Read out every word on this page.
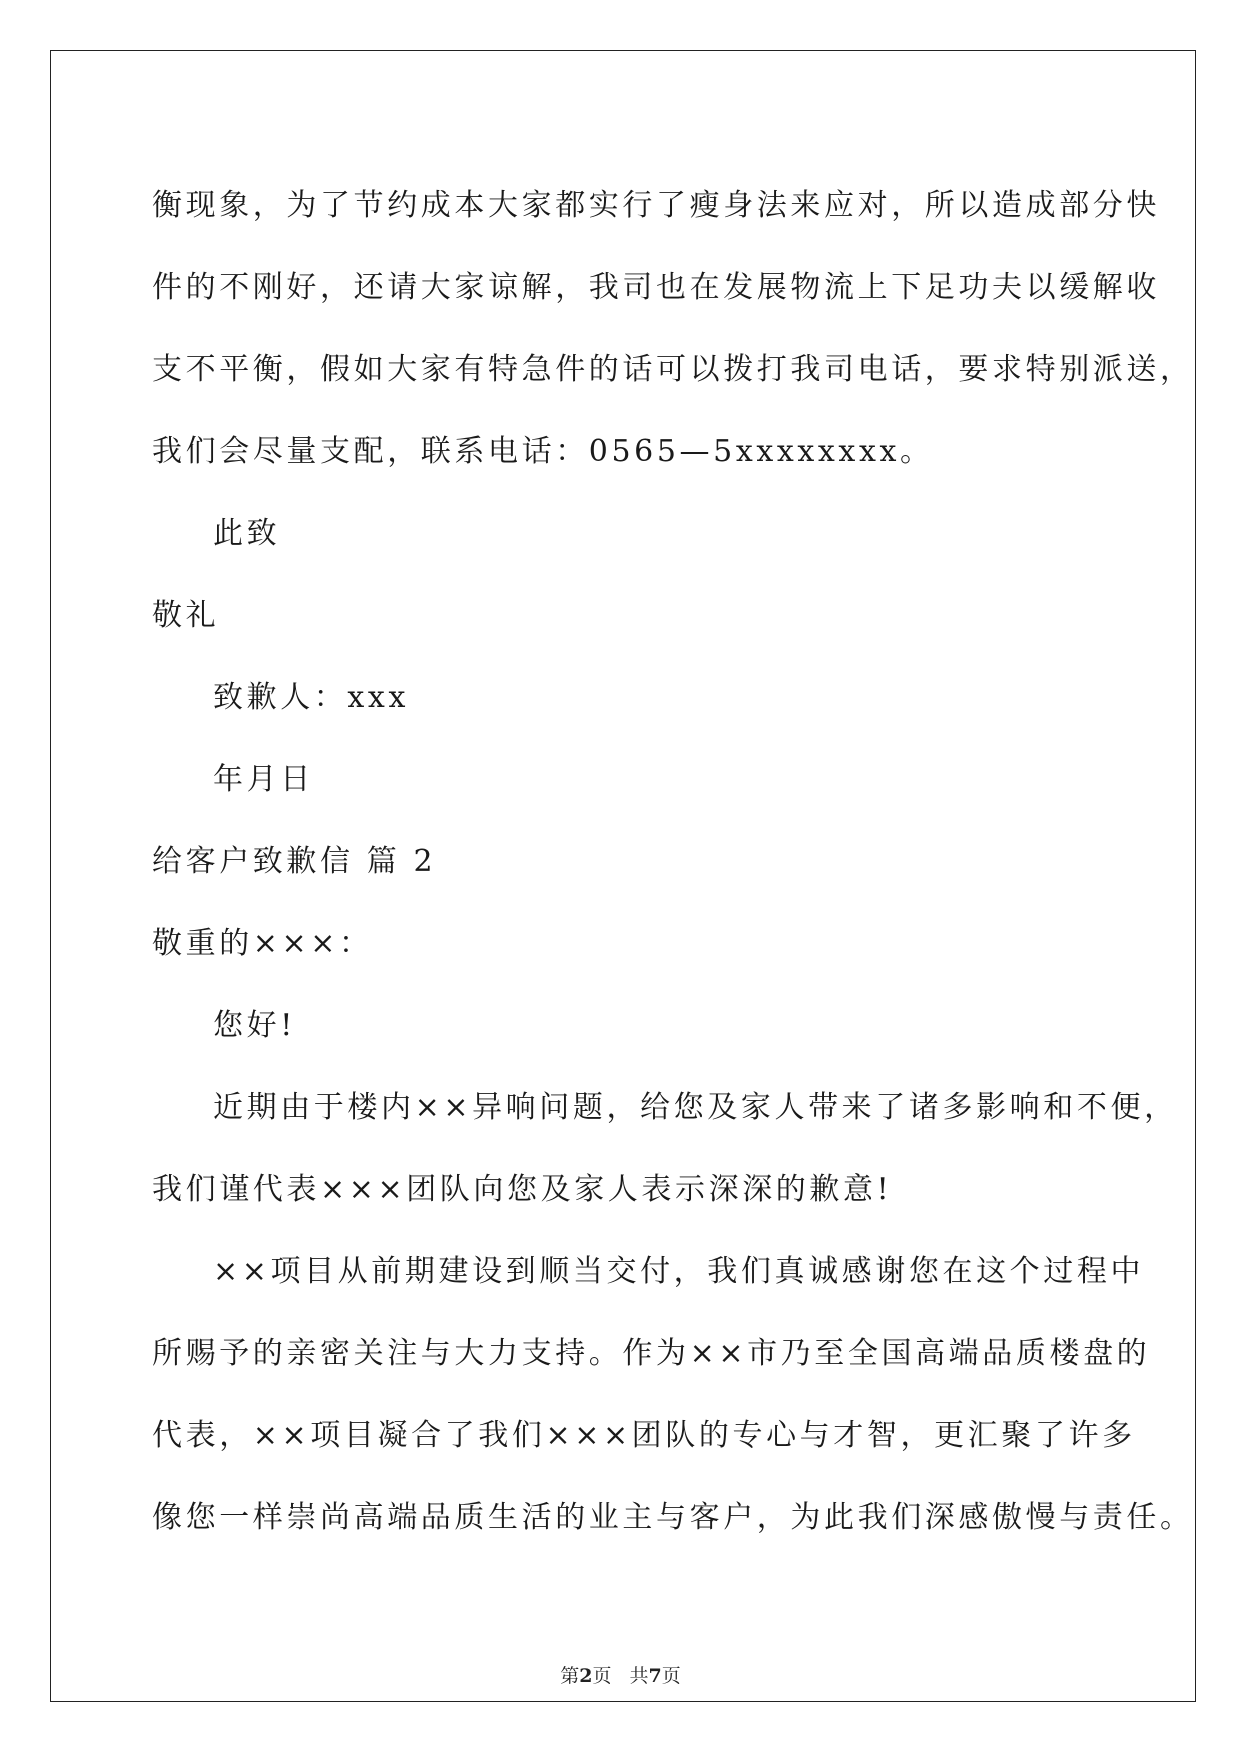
衡现象，为了节约成本大家都实行了瘦身法来应对，所以造成部分快
件的不刚好，还请大家谅解，我司也在发展物流上下足功夫以缓解收
支不平衡，假如大家有特急件的话可以拨打我司电话，要求特别派送，
我们会尽量支配，联系电话：0565—5xxxxxxxx。
此致
敬礼
致歉人：xxx
年月日
给客户致歉信 篇 2
敬重的×××：
您好!
近期由于楼内××异响问题，给您及家人带来了诸多影响和不便，
我们谨代表×××团队向您及家人表示深深的歉意!
××项目从前期建设到顺当交付，我们真诚感谢您在这个过程中
所赐予的亲密关注与大力支持。作为××市乃至全国高端品质楼盘的
代表，××项目凝合了我们×××团队的专心与才智，更汇聚了许多
像您一样崇尚高端品质生活的业主与客户，为此我们深感傲慢与责任。
第2页 共7页
